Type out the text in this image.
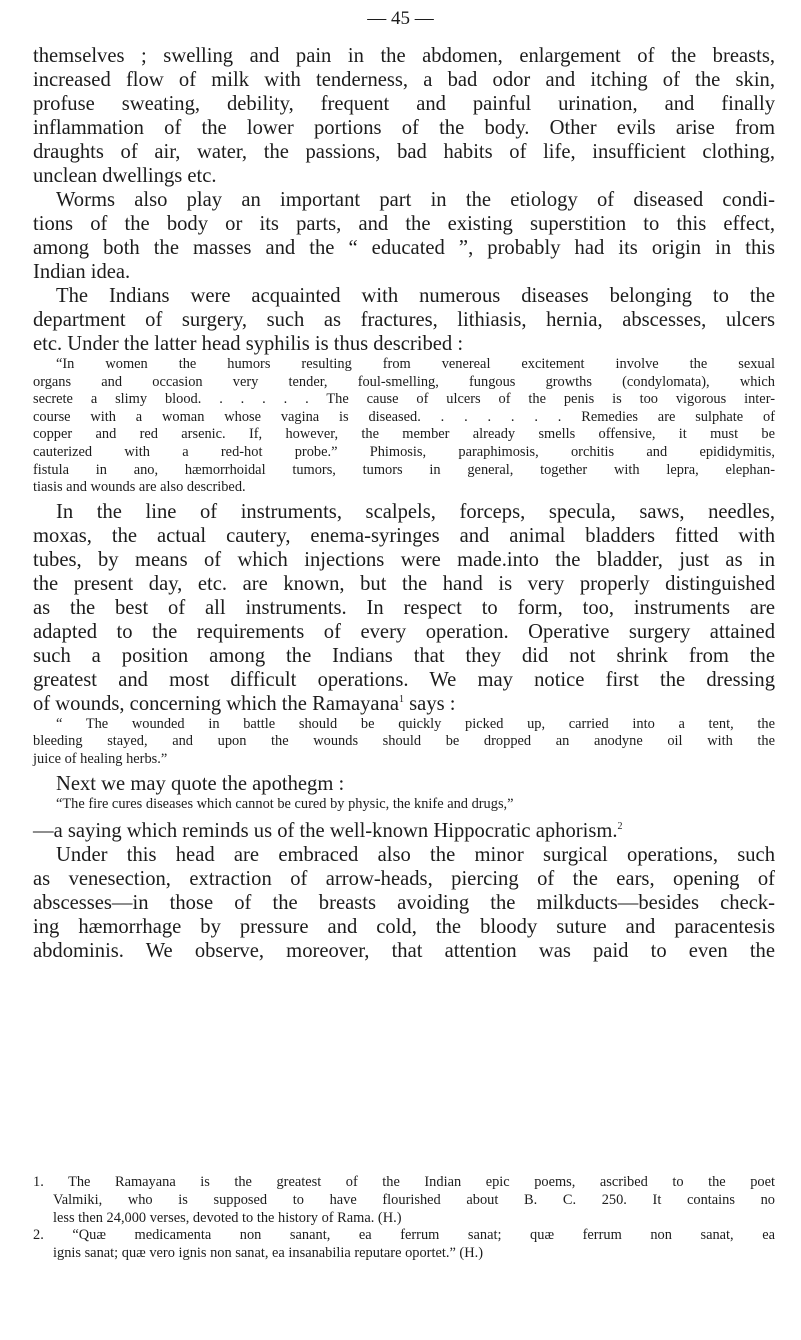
— 45 —
themselves ; swelling and pain in the abdomen, enlargement of the breasts,
increased flow of milk with tenderness, a bad odor and itching of the skin,
profuse sweating, debility, frequent and painful urination, and finally
inflammation of the lower portions of the body. Other evils arise from
draughts of air, water, the passions, bad habits of life, insufficient clothing,
unclean dwellings etc.
Worms also play an important part in the etiology of diseased condi-
tions of the body or its parts, and the existing superstition to this effect,
among both the masses and the “ educated ”, probably had its origin in this
Indian idea.
The Indians were acquainted with numerous diseases belonging to the
department of surgery, such as fractures, lithiasis, hernia, abscesses, ulcers
etc. Under the latter head syphilis is thus described :
“In women the humors resulting from venereal excitement involve the sexual
organs and occasion very tender, foul-smelling, fungous growths (condylomata), which
secrete a slimy blood. . . . . . The cause of ulcers of the penis is too vigorous inter-
course with a woman whose vagina is diseased. . . . . . . Remedies are sulphate of
copper and red arsenic. If, however, the member already smells offensive, it must be
cauterized with a red-hot probe.” Phimosis, paraphimosis, orchitis and epididymitis,
fistula in ano, hæmorrhoidal tumors, tumors in general, together with lepra, elephan-
tiasis and wounds are also described.
In the line of instruments, scalpels, forceps, specula, saws, needles,
moxas, the actual cautery, enema-syringes and animal bladders fitted with
tubes, by means of which injections were made.into the bladder, just as in
the present day, etc. are known, but the hand is very properly distinguished
as the best of all instruments. In respect to form, too, instruments are
adapted to the requirements of every operation. Operative surgery attained
such a position among the Indians that they did not shrink from the
greatest and most difficult operations. We may notice first the dressing
of wounds, concerning which the Ramayana$^1$ says :
“ The wounded in battle should be quickly picked up, carried into a tent, the
bleeding stayed, and upon the wounds should be dropped an anodyne oil with the
juice of healing herbs.”
Next we may quote the apothegm :
“The fire cures diseases which cannot be cured by physic, the knife and drugs,”
—a saying which reminds us of the well-known Hippocratic aphorism.$^2$
Under this head are embraced also the minor surgical operations, such
as venesection, extraction of arrow-heads, piercing of the ears, opening of
abscesses—in those of the breasts avoiding the milkducts—besides check-
ing hæmorrhage by pressure and cold, the bloody suture and paracentesis
abdominis. We observe, moreover, that attention was paid to even the
1. The Ramayana is the greatest of the Indian epic poems, ascribed to the poet
Valmiki, who is supposed to have flourished about B. C. 250. It contains no
less then 24,000 verses, devoted to the history of Rama. (H.)
2. “Quæ medicamenta non sanant, ea ferrum sanat; quæ ferrum non sanat, ea
ignis sanat; quæ vero ignis non sanat, ea insanabilia reputare oportet.” (H.)
